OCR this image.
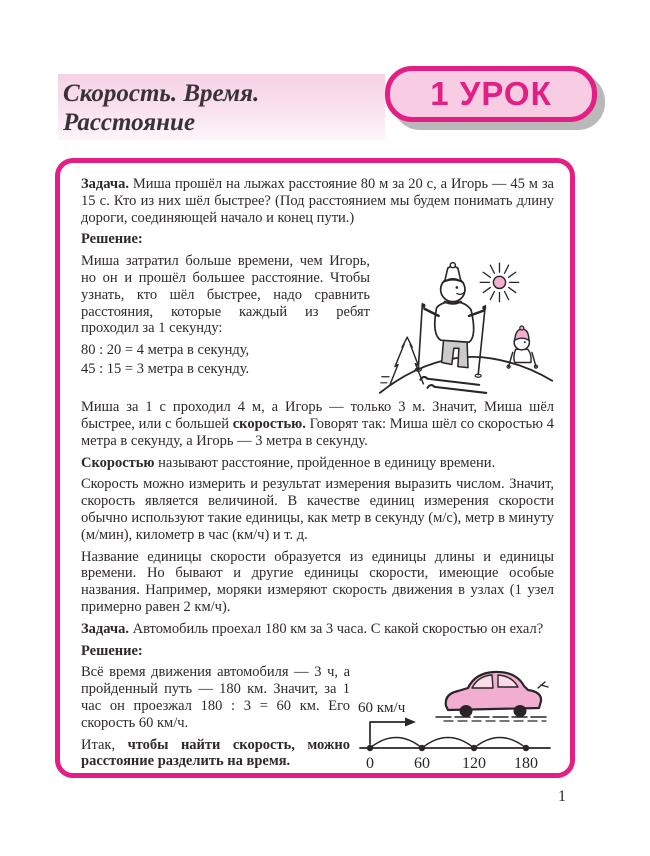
Скорость. Время.
Расстояние
1 УРОК

Задача. Миша прошёл на лыжах расстояние 80 м за 20 с, а Игорь — 45 м за 15 с. Кто из них шёл быстрее? (Под расстоянием мы будем понимать длину дороги, соединяющей начало и конец пути.)

Решение:

Миша затратил больше времени, чем Игорь, но он и прошёл большее расстояние. Чтобы узнать, кто шёл быстрее, надо сравнить расстояния, которые каждый из ребят проходил за 1 секунду:

80 : 20 = 4 метра в секунду,

45 : 15 = 3 метра в секунду.

Миша за 1 с проходил 4 м, а Игорь — только 3 м. Значит, Миша шёл быстрее, или с большей скоростью. Говорят так: Миша шёл со скоростью 4 метра в секунду, а Игорь — 3 метра в секунду.

Скоростью называют расстояние, пройденное в единицу времени.

Скорость можно измерить и результат измерения выразить числом. Значит, скорость является величиной. В качестве единиц измерения скорости обычно используют такие единицы, как метр в секунду (м/с), метр в минуту (м/мин), километр в час (км/ч) и т. д.

Название единицы скорости образуется из единицы длины и единицы времени. Но бывают и другие единицы скорости, имеющие особые названия. Например, моряки измеряют скорость движения в узлах (1 узел примерно равен 2 км/ч).

Задача. Автомобиль проехал 180 км за 3 часа. С какой скоростью он ехал?

Решение:

60 км/ч
0	60 120 180

Всё время движения автомобиля — 3 ч, а пройденный путь — 180 км. Значит, за 1 час он проезжал 180 : 3 = 60 км. Его скорость 60 км/ч.

Итак, чтобы найти скорость, можно расстояние разделить на время.

1
